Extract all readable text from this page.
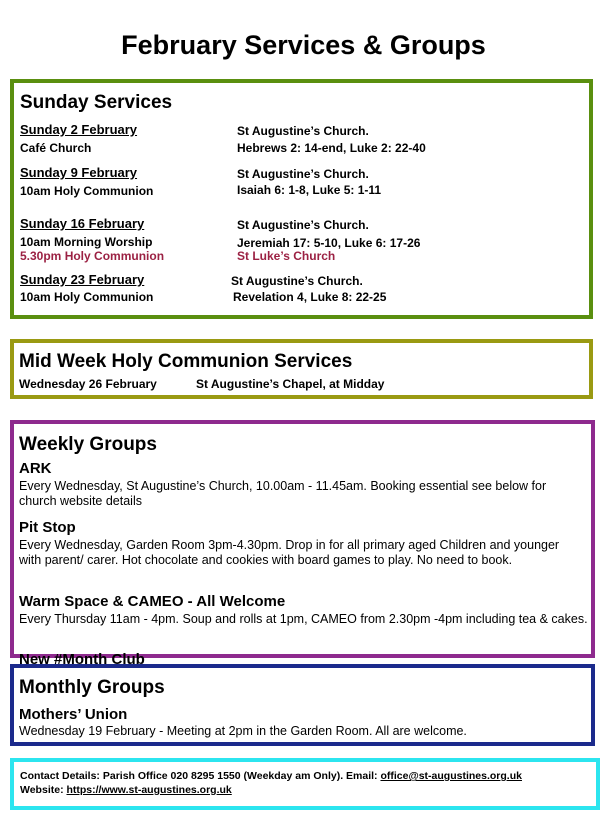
February Services & Groups
Sunday Services
Sunday 2 February
Café Church
St Augustine’s Church.
Hebrews 2: 14-end, Luke 2: 22-40
Sunday 9 February
10am Holy Communion
St Augustine’s Church.
Isaiah 6: 1-8, Luke 5: 1-11
Sunday 16 February
10am Morning Worship
5.30pm Holy Communion
St Augustine’s Church.
Jeremiah 17: 5-10, Luke 6: 17-26
St Luke’s Church
Sunday 23 February
10am Holy Communion
St Augustine’s Church.
Revelation 4, Luke 8: 22-25
Mid Week Holy Communion Services
Wednesday 26 February	St Augustine’s Chapel, at Midday
Weekly Groups
ARK
Every Wednesday, St Augustine’s Church, 10.00am - 11.45am. Booking essential see below for church website details
Pit Stop
Every Wednesday, Garden Room 3pm-4.30pm. Drop in for all primary aged Children and younger with parent/ carer. Hot chocolate and cookies with board games to play. No need to book.
Warm Space & CAMEO - All Welcome
Every Thursday 11am - 4pm. Soup and rolls at 1pm, CAMEO from 2.30pm -4pm including tea & cakes.
New #Month Club
Monthly Groups
Mothers’ Union
Wednesday 19 February - Meeting at 2pm in the Garden Room. All are welcome.
Contact Details: Parish Office 020 8295 1550 (Weekday am Only). Email: office@st-augustines.org.uk
Website: https://www.st-augustines.org.uk
